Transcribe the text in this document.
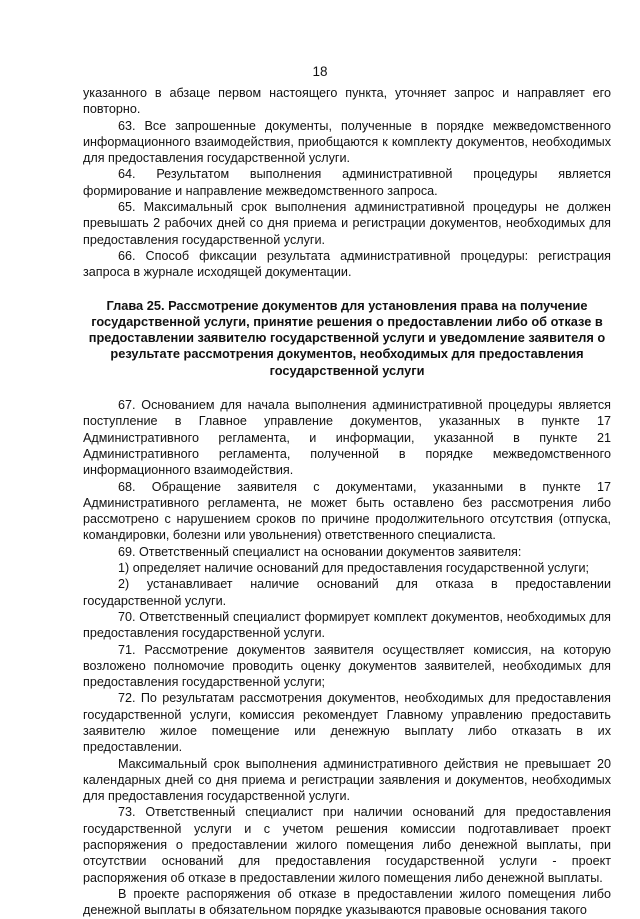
18

указанного в абзаце первом настоящего пункта, уточняет запрос и направляет его повторно.

63. Все запрошенные документы, полученные в порядке межведомственного информационного взаимодействия, приобщаются к комплекту документов, необходимых для предоставления государственной услуги.

64. Результатом выполнения административной процедуры является формирование и направление межведомственного запроса.

65. Максимальный срок выполнения административной процедуры не должен превышать 2 рабочих дней со дня приема и регистрации документов, необходимых для предоставления государственной услуги.

66. Способ фиксации результата административной процедуры: регистрация запроса в журнале исходящей документации.

Глава 25. Рассмотрение документов для установления права на получение государственной услуги, принятие решения о предоставлении либо об отказе в предоставлении заявителю государственной услуги и уведомление заявителя о результате рассмотрения документов, необходимых для предоставления государственной услуги

67. Основанием для начала выполнения административной процедуры является поступление в Главное управление документов, указанных в пункте 17 Административного регламента, и информации, указанной в пункте 21 Административного регламента, полученной в порядке межведомственного информационного взаимодействия.

68. Обращение заявителя с документами, указанными в пункте 17 Административного регламента, не может быть оставлено без рассмотрения либо рассмотрено с нарушением сроков по причине продолжительного отсутствия (отпуска, командировки, болезни или увольнения) ответственного специалиста.

69. Ответственный специалист на основании документов заявителя:

1) определяет наличие оснований для предоставления государственной услуги;

2) устанавливает наличие оснований для отказа в предоставлении государственной услуги.

70. Ответственный специалист формирует комплект документов, необходимых для предоставления государственной услуги.

71. Рассмотрение документов заявителя осуществляет комиссия, на которую возложено полномочие проводить оценку документов заявителей, необходимых для предоставления государственной услуги;

72. По результатам рассмотрения документов, необходимых для предоставления государственной услуги, комиссия рекомендует Главному управлению предоставить заявителю жилое помещение или денежную выплату либо отказать в их предоставлении.

Максимальный срок выполнения административного действия не превышает 20 календарных дней со дня приема и регистрации заявления и документов, необходимых для предоставления государственной услуги.

73. Ответственный специалист при наличии оснований для предоставления государственной услуги и с учетом решения комиссии подготавливает проект распоряжения о предоставлении жилого помещения либо денежной выплаты, при отсутствии оснований для предоставления государственной услуги - проект распоряжения об отказе в предоставлении жилого помещения либо денежной выплаты.

В проекте распоряжения об отказе в предоставлении жилого помещения либо денежной выплаты в обязательном порядке указываются правовые основания такого
